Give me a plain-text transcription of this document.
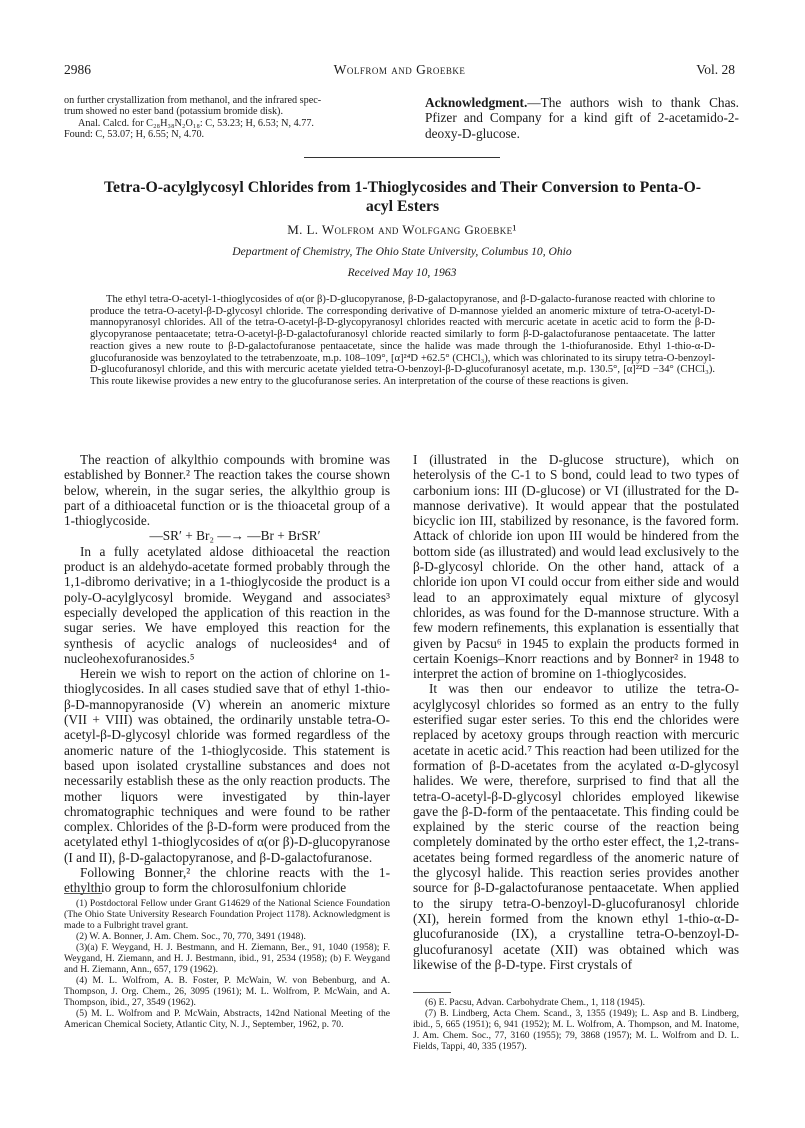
2986	Wolfrom and Groebke	Vol. 28
on further crystallization from methanol, and the infrared spec-
trum showed no ester band (potassium bromide disk).
Anal. Calcd. for C₂₈H₃₈N₂O₁₈: C, 53.23; H, 6.53; N, 4.77.
Found: C, 53.07; H, 6.55; N, 4.70.

Acknowledgment.—The authors wish to thank Chas. Pfizer and Company for a kind gift of 2-acetamido-2-deoxy-D-glucose.

Tetra-O-acylglycosyl Chlorides from 1-Thioglycosides and Their Conversion to Penta-O-acyl Esters
M. L. Wolfrom and Wolfgang Groebke¹
Department of Chemistry, The Ohio State University, Columbus 10, Ohio
Received May 10, 1963

The ethyl tetra-O-acetyl-1-thioglycosides of α(or β)-D-glucopyranose, β-D-galactopyranose, and β-D-galacto-furanose reacted with chlorine to produce the tetra-O-acetyl-β-D-glycosyl chloride. The corresponding derivative of D-mannose yielded an anomeric mixture of tetra-O-acetyl-D-mannopyranosyl chlorides. All of the tetra-O-acetyl-β-D-glycopyranosyl chlorides reacted with mercuric acetate in acetic acid to form the β-D-glycopyranose pentaacetate; tetra-O-acetyl-β-D-galactofuranosyl chloride reacted similarly to form β-D-galactofuranose pentaacetate. The latter reaction gives a new route to β-D-galactofuranose pentaacetate, since the halide was made through the 1-thiofuranoside. Ethyl 1-thio-α-D-glucofuranoside was benzoylated to the tetrabenzoate, m.p. 108–109°, [α]²⁴D +62.5° (CHCl₃), which was chlorinated to its sirupy tetra-O-benzoyl-D-glucofuranosyl chloride, and this with mercuric acetate yielded tetra-O-benzoyl-β-D-glucofuranosyl acetate, m.p. 130.5°, [α]²²D −34° (CHCl₃). This route likewise provides a new entry to the glucofuranose series. An interpretation of the course of these reactions is given.

The reaction of alkylthio compounds with bromine was established by Bonner.² The reaction takes the course shown below, wherein, in the sugar series, the alkylthio group is part of a dithioacetal function or is the thioacetal group of a 1-thioglycoside.

—SR′ + Br₂ —→ —Br + BrSR′

In a fully acetylated aldose dithioacetal the reaction product is an aldehydo-acetate formed probably through the 1,1-dibromo derivative; in a 1-thioglycoside the product is a poly-O-acylglycosyl bromide. Weygand and associates³ especially developed the application of this reaction in the sugar series. We have employed this reaction for the synthesis of acyclic analogs of nucleosides⁴ and of nucleohexofuranosides.⁵

Herein we wish to report on the action of chlorine on 1-thioglycosides. In all cases studied save that of ethyl 1-thio-β-D-mannopyranoside (V) wherein an anomeric mixture (VII + VIII) was obtained, the ordinarily unstable tetra-O-acetyl-β-D-glycosyl chloride was formed regardless of the anomeric nature of the 1-thioglycoside. This statement is based upon isolated crystalline substances and does not necessarily establish these as the only reaction products. The mother liquors were investigated by thin-layer chromatographic techniques and were found to be rather complex. Chlorides of the β-D-form were produced from the acetylated ethyl 1-thioglycosides of α(or β)-D-glucopyranose (I and II), β-D-galactopyranose, and β-D-galactofuranose.

Following Bonner,² the chlorine reacts with the 1-ethylthio group to form the chlorosulfonium chloride

I (illustrated in the D-glucose structure), which on heterolysis of the C-1 to S bond, could lead to two types of carbonium ions: III (D-glucose) or VI (illustrated for the D-mannose derivative). It would appear that the postulated bicyclic ion III, stabilized by resonance, is the favored form. Attack of chloride ion upon III would be hindered from the bottom side (as illustrated) and would lead exclusively to the β-D-glycosyl chloride. On the other hand, attack of a chloride ion upon VI could occur from either side and would lead to an approximately equal mixture of glycosyl chlorides, as was found for the D-mannose structure. With a few modern refinements, this explanation is essentially that given by Pacsu⁶ in 1945 to explain the products formed in certain Koenigs–Knorr reactions and by Bonner² in 1948 to interpret the action of bromine on 1-thioglycosides.

It was then our endeavor to utilize the tetra-O-acylglycosyl chlorides so formed as an entry to the fully esterified sugar ester series. To this end the chlorides were replaced by acetoxy groups through reaction with mercuric acetate in acetic acid.⁷ This reaction had been utilized for the formation of β-D-acetates from the acylated α-D-glycosyl halides. We were, therefore, surprised to find that all the tetra-O-acetyl-β-D-glycosyl chlorides employed likewise gave the β-D-form of the pentaacetate. This finding could be explained by the steric course of the reaction being completely dominated by the ortho ester effect, the 1,2-trans-acetates being formed regardless of the anomeric nature of the glycosyl halide. This reaction series provides another source for β-D-galactofuranose pentaacetate. When applied to the sirupy tetra-O-benzoyl-D-glucofuranosyl chloride (XI), herein formed from the known ethyl 1-thio-α-D-glucofuranoside (IX), a crystalline tetra-O-benzoyl-D-glucofuranosyl acetate (XII) was obtained which was likewise of the β-D-type. First crystals of

(1) Postdoctoral Fellow under Grant G14629 of the National Science Foundation (The Ohio State University Research Foundation Project 1178). Acknowledgment is made to a Fulbright travel grant.

(2) W. A. Bonner, J. Am. Chem. Soc., 70, 770, 3491 (1948).

(3)(a) F. Weygand, H. J. Bestmann, and H. Ziemann, Ber., 91, 1040 (1958); F. Weygand, H. Ziemann, and H. J. Bestmann, ibid., 91, 2534 (1958); (b) F. Weygand and H. Ziemann, Ann., 657, 179 (1962).

(4) M. L. Wolfrom, A. B. Foster, P. McWain, W. von Bebenburg, and A. Thompson, J. Org. Chem., 26, 3095 (1961); M. L. Wolfrom, P. McWain, and A. Thompson, ibid., 27, 3549 (1962).

(5) M. L. Wolfrom and P. McWain, Abstracts, 142nd National Meeting of the American Chemical Society, Atlantic City, N. J., September, 1962, p. 70.

(6) E. Pacsu, Advan. Carbohydrate Chem., 1, 118 (1945).

(7) B. Lindberg, Acta Chem. Scand., 3, 1355 (1949); L. Asp and B. Lindberg, ibid., 5, 665 (1951); 6, 941 (1952); M. L. Wolfrom, A. Thompson, and M. Inatome, J. Am. Chem. Soc., 77, 3160 (1955); 79, 3868 (1957); M. L. Wolfrom and D. L. Fields, Tappi, 40, 335 (1957).
